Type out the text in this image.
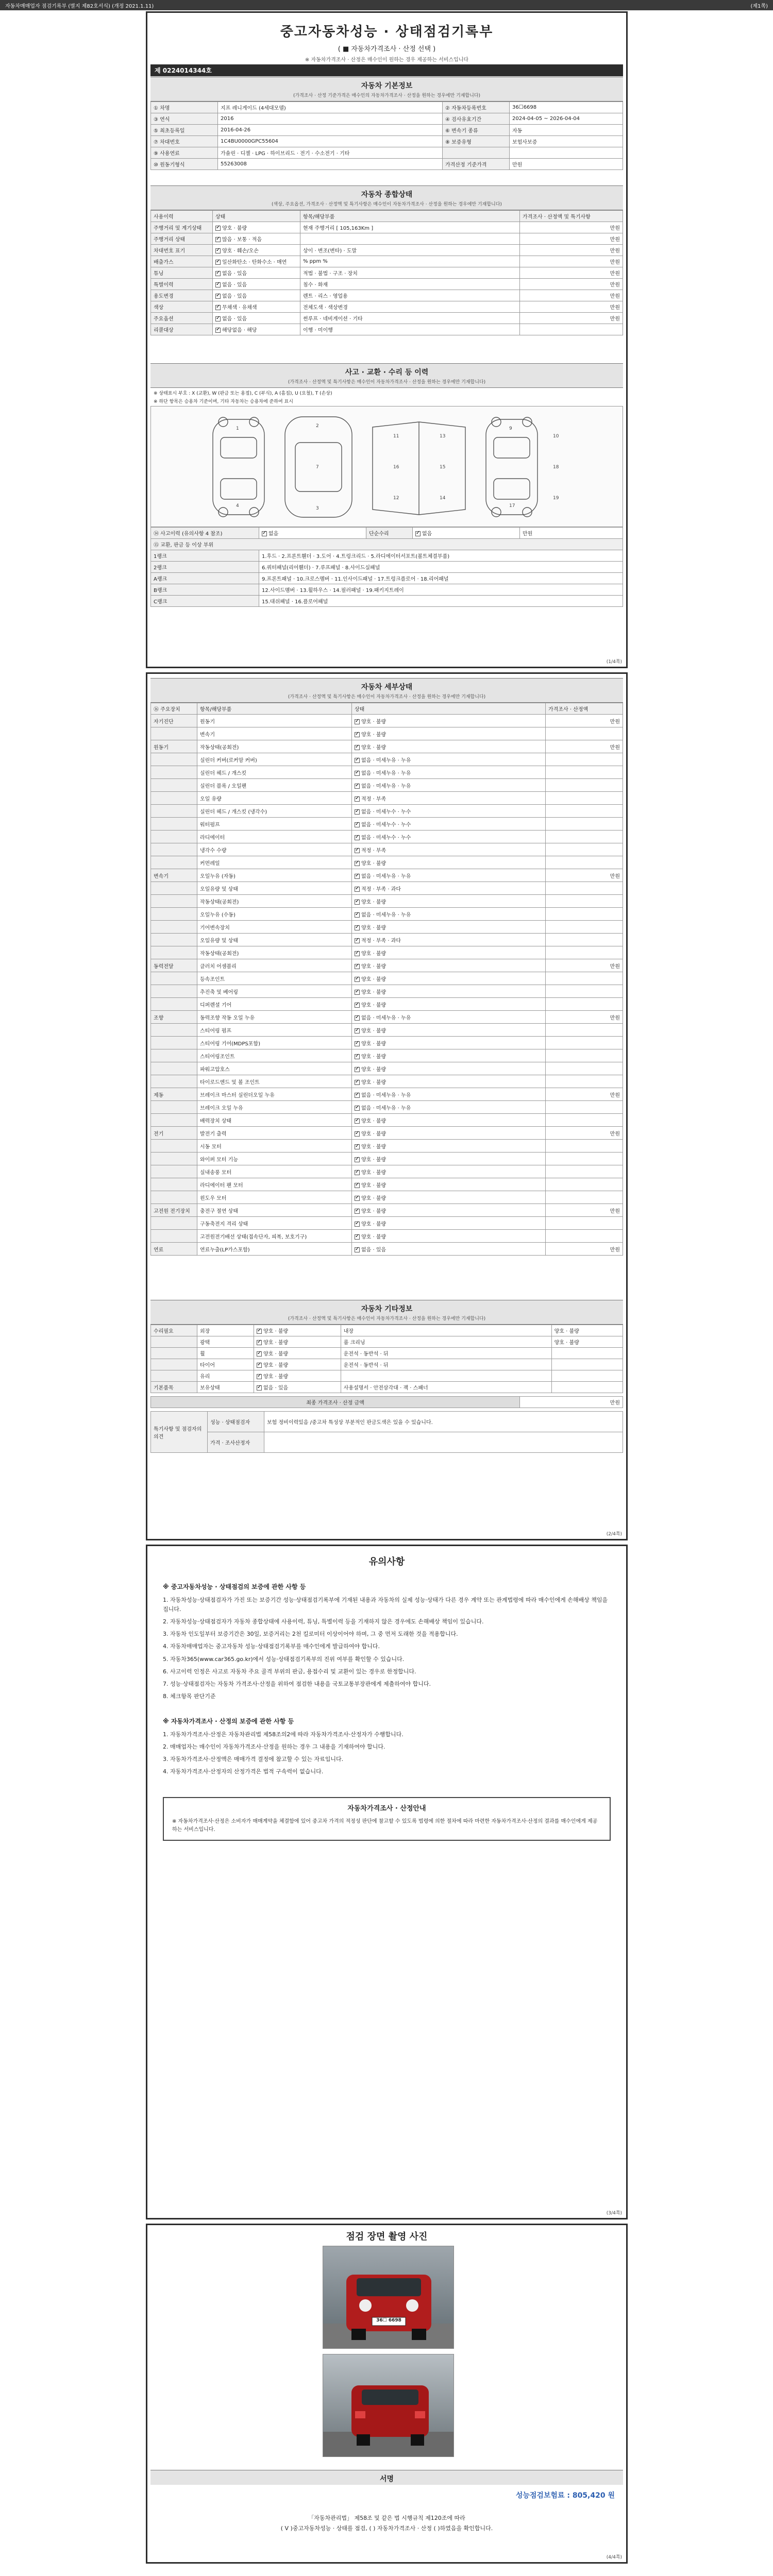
자동차매매업자 점검기록부 (별지 제82호서식) (개정 2021.1.11)	(제1쪽)
중고자동차성능 · 상태점검기록부
( ■ 자동차가격조사 · 산정 선택 )
※ 자동차가격조사 · 산정은 매수인이 원하는 경우 제공하는 서비스입니다
제 0224014344호
자동차 기본정보
(가격조사 · 산정 기준가격은 매수인의 자동차가격조사 · 산정을 원하는 경우에만 기재합니다)
① 차명	지프 레니게이드 (4세대모델)	② 자동차등록번호	36☐6698
③ 연식	2016	④ 검사유효기간	2024-04-05 ~ 2026-04-04
⑤ 최초등록일	2016-04-26	⑥ 변속기 종류	자동
⑦ 차대번호	1C4BU0000GPC55604	⑧ 보증유형	보험사보증
⑨ 사용연료	가솔린 · 디젤 · LPG · 하이브리드 · 전기 · 수소전기 · 기타		
⑩ 원동기형식	55263008	가격산정 기준가격	만원
자동차 종합상태
(색상, 주요옵션, 가격조사 · 산정액 및 특기사항은 매수인이 자동차가격조사 · 산정을 원하는 경우에만 기재합니다)
사용이력	상태	항목/해당부품	가격조사 · 산정액 및 특기사항
주행거리 및 계기상태	✓양호 · 불량	현재 주행거리 [ 105,163Km ]	만원
주행거리 상태	✓많음 · 보통 · 적음		만원
차대번호 표기	✓양호 · 훼손/오손	상이 · 변조(변타) · 도말	만원
배출가스	✓일산화탄소 · 탄화수소 · 매연	% ppm %	만원
튜닝	✓없음 · 있음	적법 · 불법 · 구조 · 장치	만원
특별이력	✓없음 · 있음	침수 · 화재	만원
용도변경	✓없음 · 있음	렌트 · 리스 · 영업용	만원
색상	✓무채색 · 유채색	전체도색 · 색상변경	만원
주요옵션	✓없음 · 있음	썬루프 · 네비게이션 · 기타	만원
리콜대상	✓해당없음 · 해당	이행 · 미이행	
사고 · 교환 · 수리 등 이력
(가격조사 · 산정액 및 특기사항은 매수인이 자동차가격조사 · 산정을 원하는 경우에만 기재합니다)
※ 상태표시 부호 : X (교환), W (판금 또는 용접), C (부식), A (흠집), U (요철), T (손상)
※ 하단 항목은 승용차 기준이며, 기타 자동차는 승용차에 준하여 표시
1
4
2
7
3
11
16
12
13
15
14
9
17
10
18
19
⑭ 사고이력 (유의사항 4 참조)	✓없음	단순수리	✓없음	만원
⑮ 교환, 판금 등 이상 부위				
1랭크	1.후드 · 2.프론트휀더 · 3.도어 · 4.트렁크리드 · 5.라디에이터서포트(볼트체결부품)			
2랭크	6.쿼터패널(리어휀더) · 7.루프패널 · 8.사이드실패널			
A랭크	9.프론트패널 · 10.크로스멤버 · 11.인사이드패널 · 17.트렁크플로어 · 18.리어패널			
B랭크	12.사이드멤버 · 13.휠하우스 · 14.필러패널 · 19.패키지트레이			
C랭크	15.대쉬패널 · 16.플로어패널			
(1/4쪽)
자동차 세부상태
(가격조사 · 산정액 및 특기사항은 매수인이 자동차가격조사 · 산정을 원하는 경우에만 기재합니다)
⑯ 주요장치	항목/해당부품	상태	가격조사 · 산정액
자기진단	원동기	✓양호 · 불량	만원
	변속기	✓양호 · 불량	
원동기	작동상태(공회전)	✓양호 · 불량	만원
	실린더 커버(로커암 커버)	✓없음 · 미세누유 · 누유	
	실린더 헤드 / 개스킷	✓없음 · 미세누유 · 누유	
	실린더 블록 / 오일팬	✓없음 · 미세누유 · 누유	
	오일 유량	✓적정 · 부족	
	실린더 헤드 / 개스킷 (냉각수)	✓없음 · 미세누수 · 누수	
	워터펌프	✓없음 · 미세누수 · 누수	
	라디에이터	✓없음 · 미세누수 · 누수	
	냉각수 수량	✓적정 · 부족	
	커먼레일	✓양호 · 불량	
변속기	오일누유 (자동)	✓없음 · 미세누유 · 누유	만원
	오일유량 및 상태	✓적정 · 부족 · 과다	
	작동상태(공회전)	✓양호 · 불량	
	오일누유 (수동)	✓없음 · 미세누유 · 누유	
	기어변속장치	✓양호 · 불량	
	오일유량 및 상태	✓적정 · 부족 · 과다	
	작동상태(공회전)	✓양호 · 불량	
동력전달	클러치 어셈블리	✓양호 · 불량	만원
	등속조인트	✓양호 · 불량	
	추진축 및 베어링	✓양호 · 불량	
	디퍼렌셜 기어	✓양호 · 불량	
조향	동력조향 작동 오일 누유	✓없음 · 미세누유 · 누유	만원
	스티어링 펌프	✓양호 · 불량	
	스티어링 기어(MDPS포함)	✓양호 · 불량	
	스티어링조인트	✓양호 · 불량	
	파워고압호스	✓양호 · 불량	
	타이로드엔드 및 볼 조인트	✓양호 · 불량	
제동	브레이크 마스터 실린더오일 누유	✓없음 · 미세누유 · 누유	만원
	브레이크 오일 누유	✓없음 · 미세누유 · 누유	
	배력장치 상태	✓양호 · 불량	
전기	발전기 출력	✓양호 · 불량	만원
	시동 모터	✓양호 · 불량	
	와이퍼 모터 기능	✓양호 · 불량	
	실내송풍 모터	✓양호 · 불량	
	라디에이터 팬 모터	✓양호 · 불량	
	윈도우 모터	✓양호 · 불량	
고전원 전기장치	충전구 절연 상태	✓양호 · 불량	만원
	구동축전지 격리 상태	✓양호 · 불량	
	고전원전기배선 상태(접속단자, 피복, 보호기구)	✓양호 · 불량	
연료	연료누출(LP가스포함)	✓없음 · 있음	만원
자동차 기타정보
(가격조사 · 산정액 및 특기사항은 매수인이 자동차가격조사 · 산정을 원하는 경우에만 기재합니다)
수리필요	외장	✓양호 · 불량	내장	양호 · 불량
	광택	✓양호 · 불량	룸 크리닝	양호 · 불량
	휠	✓양호 · 불량	운전석 · 동반석 · 뒤	
	타이어	✓양호 · 불량	운전석 · 동반석 · 뒤	
	유리	✓양호 · 불량		
기본품목	보유상태	✓없음 · 있음	사용설명서 · 안전삼각대 · 잭 · 스패너	
최종 가격조사 · 산정 금액	만원
특기사항 및 점검자의 의견	성능 · 상태점검자	보험 정비이력있음 /중고차 특성상 부분적인 판금도색은 있을 수 있습니다.
	가격 · 조사산정자	
(2/4쪽)
유의사항
※ 중고자동차성능 · 상태점검의 보증에 관한 사항 등

1. 자동차성능·상태점검자가 가진 또는 보증기간 성능·상태점검기록부에 기재된 내용과 자동차의 실제 성능·상태가 다른 경우 계약 또는 관계법령에 따라 매수인에게 손해배상 책임을 집니다.

2. 자동차성능·상태점검자가 자동차 종합상태에 사용이력, 튜닝, 특별이력 등을 기재하지 않은 경우에도 손해배상 책임이 있습니다.

3. 자동차 인도일부터 보증기간은 30일, 보증거리는 2천 킬로미터 이상이어야 하며, 그 중 먼저 도래한 것을 적용합니다.

4. 자동차매매업자는 중고자동차 성능·상태점검기록부를 매수인에게 발급하여야 합니다.

5. 자동차365(www.car365.go.kr)에서 성능·상태점검기록부의 진위 여부를 확인할 수 있습니다.

6. 사고이력 인정은 사고로 자동차 주요 골격 부위의 판금, 용접수리 및 교환이 있는 경우로 한정합니다.

7. 성능·상태점검자는 자동차 가격조사·산정을 위하여 점검한 내용을 국토교통부장관에게 제출하여야 합니다.

8. 체크항목 판단기준

※ 자동차가격조사 · 산정의 보증에 관한 사항 등

1. 자동차가격조사·산정은 자동차관리법 제58조의2에 따라 자동차가격조사·산정자가 수행합니다.

2. 매매업자는 매수인이 자동차가격조사·산정을 원하는 경우 그 내용을 기재하여야 합니다.

3. 자동차가격조사·산정액은 매매가격 결정에 참고할 수 있는 자료입니다.

4. 자동차가격조사·산정자의 산정가격은 법적 구속력이 없습니다.

자동차가격조사 · 산정안내
※ 자동차가격조사·산정은 소비자가 매매계약을 체결함에 있어 중고차 가격의 적정성 판단에 참고할 수 있도록 법령에 의한 절차에 따라 마련한 자동차가격조사·산정의 결과를 매수인에게 제공하는 서비스입니다.
(3/4쪽)
점검 장면 촬영 사진
36☐ 6698
서명
성능점검보험료 : 805,420 원
「자동차관리법」 제58조 및 같은 법 시행규칙 제120조에 따라
( Ⅴ )중고자동차성능 · 상태를 점검, ( ) 자동차가격조사 · 산정 ( )하였음을 확인합니다.
(4/4쪽)
